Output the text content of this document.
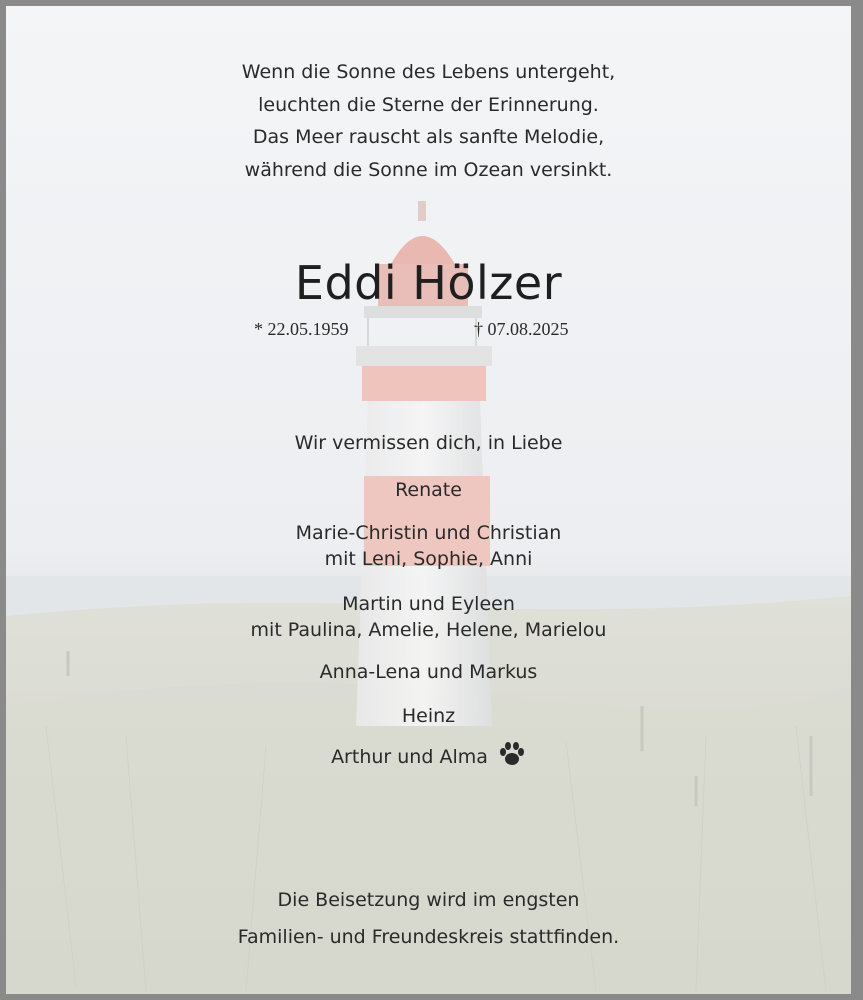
Wenn die Sonne des Lebens untergeht,
leuchten die Sterne der Erinnerung.
Das Meer rauscht als sanfte Melodie,
während die Sonne im Ozean versinkt.
Eddi Hölzer
* 22.05.1959	† 07.08.2025
Wir vermissen dich, in Liebe
Renate
Marie-Christin und Christian
mit Leni, Sophie, Anni
Martin und Eyleen
mit Paulina, Amelie, Helene, Marielou
Anna-Lena und Markus
Heinz
Arthur und Alma
Die Beisetzung wird im engsten
Familien- und Freundeskreis stattfinden.
